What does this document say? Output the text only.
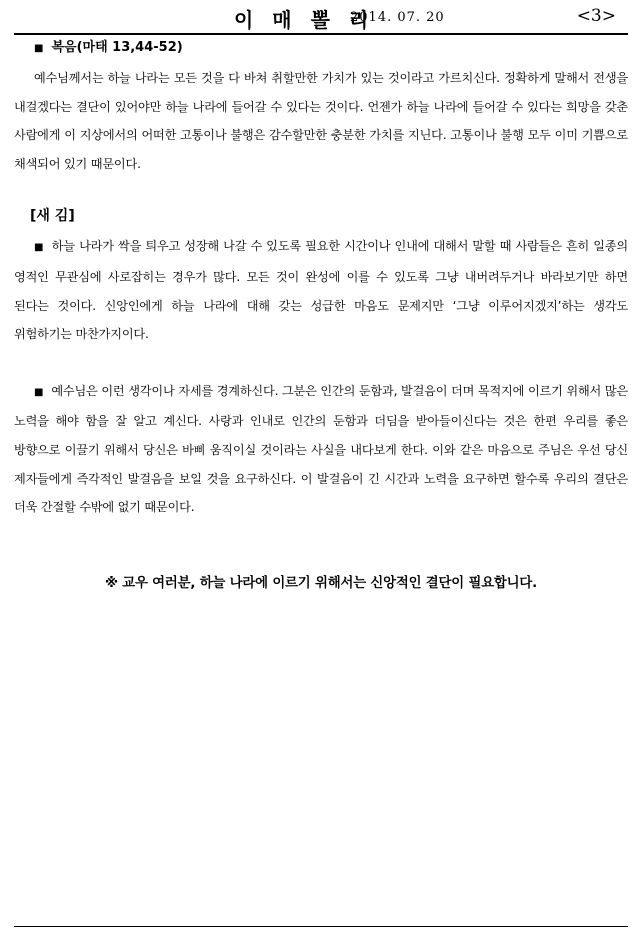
이 매 뽈 리
2014. 07. 20	<3>
■ 복음(마태 13,44-52)

예수님께서는 하늘 나라는 모든 것을 다 바쳐 취할만한 가치가 있는 것이라고 가르치신다. 정확하게 말해서 전생을 내걸겠다는 결단이 있어야만 하늘 나라에 들어갈 수 있다는 것이다. 언젠가 하늘 나라에 들어갈 수 있다는 희망을 갖춘 사람에게 이 지상에서의 어떠한 고통이나 불행은 감수할만한 충분한 가치를 지닌다. 고통이나 불행 모두 이미 기쁨으로 채색되어 있기 때문이다.

[새 김]

■ 하늘 나라가 싹을 틔우고 성장해 나갈 수 있도록 필요한 시간이나 인내에 대해서 말할 때 사람들은 흔히 일종의 영적인 무관심에 사로잡히는 경우가 많다. 모든 것이 완성에 이를 수 있도록 그냥 내버려두거나 바라보기만 하면 된다는 것이다. 신앙인에게 하늘 나라에 대해 갖는 성급한 마음도 문제지만 ‘그냥 이루어지겠지’하는 생각도 위험하기는 마찬가지이다.

■ 예수님은 이런 생각이나 자세를 경계하신다. 그분은 인간의 둔함과, 발걸음이 더며 목적지에 이르기 위해서 많은 노력을 해야 함을 잘 알고 계신다. 사랑과 인내로 인간의 둔함과 더딤을 받아들이신다는 것은 한편 우리를 좋은 방향으로 이끌기 위해서 당신은 바삐 움직이실 것이라는 사실을 내다보게 한다. 이와 같은 마음으로 주님은 우선 당신 제자들에게 즉각적인 발걸음을 보일 것을 요구하신다. 이 발걸음이 긴 시간과 노력을 요구하면 할수록 우리의 결단은 더욱 간절할 수밖에 없기 때문이다.

※ 교우 여러분, 하늘 나라에 이르기 위해서는 신앙적인 결단이 필요합니다.
